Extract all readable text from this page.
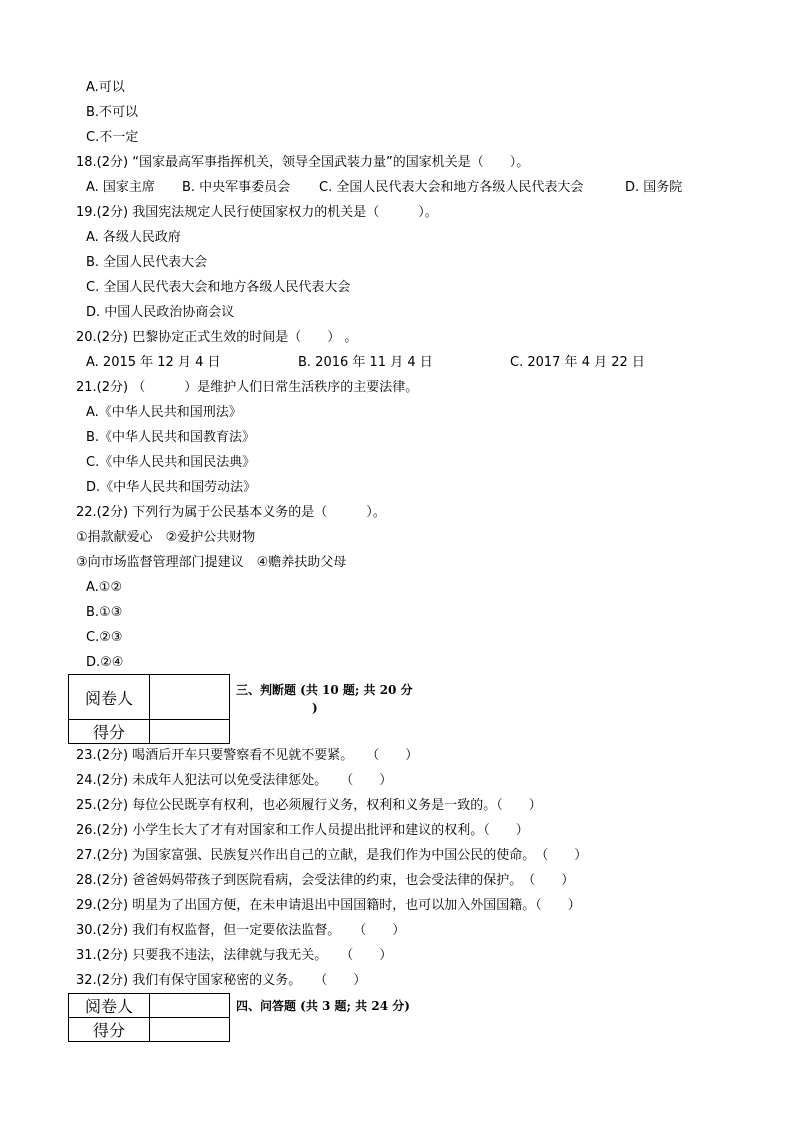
A.可以
B.不可以
C.不一定
18.(2分) “国家最高军事指挥机关，领导全国武装力量”的国家机关是（　　）。
A. 国家主席 B. 中央军事委员会 C. 全国人民代表大会和地方各级人民代表大会	D. 国务院
19.(2分) 我国宪法规定人民行使国家权力的机关是（　　　）。
A. 各级人民政府
B. 全国人民代表大会
C. 全国人民代表大会和地方各级人民代表大会
D. 中国人民政治协商会议
20.(2分) 巴黎协定正式生效的时间是（　　） 。
A. 2015 年 12 月 4 日	B. 2016 年 11 月 4 日	C. 2017 年 4 月 22 日
21.(2分) （　　　）是维护人们日常生活秩序的主要法律。
A.《中华人民共和国刑法》
B.《中华人民共和国教育法》
C.《中华人民共和国民法典》
D.《中华人民共和国劳动法》
22.(2分) 下列行为属于公民基本义务的是（　　　）。
①捐款献爱心　②爱护公共财物
③向市场监督管理部门提建议　④赡养扶助父母
A.①②
B.①③
C.②③
D.②④
阅卷人	
得分	
三、判断题 (共 10 题; 共 20 分
)
23.(2分) 喝酒后开车只要警察看不见就不要紧。　　（　　）
24.(2分) 未成年人犯法可以免受法律惩处。　　（　　）
25.(2分) 每位公民既享有权利，也必须履行义务，权利和义务是一致的。（　　）
26.(2分) 小学生长大了才有对国家和工作人员提出批评和建议的权利。（　　）
27.(2分) 为国家富强、民族复兴作出自己的立献，是我们作为中国公民的使命。　（　　）
28.(2分) 爸爸妈妈带孩子到医院看病，会受法律的约束，也会受法律的保护。　（　　）
29.(2分) 明星为了出国方便，在未申请退出中国国籍时，也可以加入外国国籍。（　　）
30.(2分) 我们有权监督，但一定要依法监督。　　（　　）
31.(2分) 只要我不违法，法律就与我无关。　　（　　）
32.(2分) 我们有保守国家秘密的义务。　　（　　）
阅卷人	
得分	
四、问答题 (共 3 题; 共 24 分)
